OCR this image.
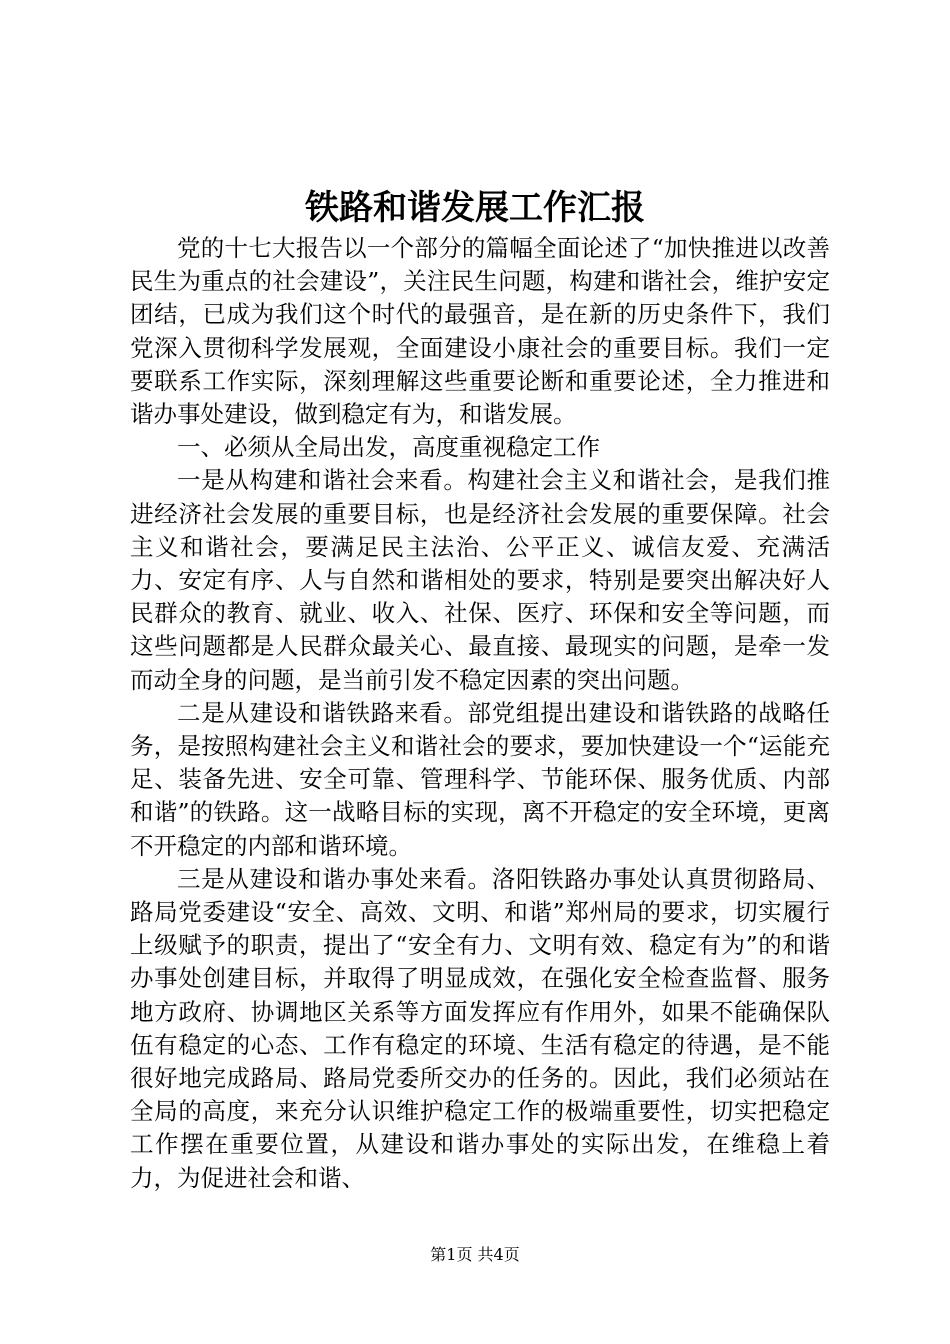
铁路和谐发展工作汇报

党的十七大报告以一个部分的篇幅全面论述了“加快推进以改善民生为重点的社会建设”，关注民生问题，构建和谐社会，维护安定团结，已成为我们这个时代的最强音，是在新的历史条件下，我们党深入贯彻科学发展观，全面建设小康社会的重要目标。我们一定要联系工作实际，深刻理解这些重要论断和重要论述，全力推进和谐办事处建设，做到稳定有为，和谐发展。

一、必须从全局出发，高度重视稳定工作

一是从构建和谐社会来看。构建社会主义和谐社会，是我们推进经济社会发展的重要目标，也是经济社会发展的重要保障。社会主义和谐社会，要满足民主法治、公平正义、诚信友爱、充满活力、安定有序、人与自然和谐相处的要求，特别是要突出解决好人民群众的教育、就业、收入、社保、医疗、环保和安全等问题，而这些问题都是人民群众最关心、最直接、最现实的问题，是牵一发而动全身的问题，是当前引发不稳定因素的突出问题。

二是从建设和谐铁路来看。部党组提出建设和谐铁路的战略任务，是按照构建社会主义和谐社会的要求，要加快建设一个“运能充足、装备先进、安全可靠、管理科学、节能环保、服务优质、内部和谐”的铁路。这一战略目标的实现，离不开稳定的安全环境，更离不开稳定的内部和谐环境。

三是从建设和谐办事处来看。洛阳铁路办事处认真贯彻路局、路局党委建设“安全、高效、文明、和谐”郑州局的要求，切实履行上级赋予的职责，提出了“安全有力、文明有效、稳定有为”的和谐办事处创建目标，并取得了明显成效，在强化安全检查监督、服务地方政府、协调地区关系等方面发挥应有作用外，如果不能确保队伍有稳定的心态、工作有稳定的环境、生活有稳定的待遇，是不能很好地完成路局、路局党委所交办的任务的。因此，我们必须站在全局的高度，来充分认识维护稳定工作的极端重要性，切实把稳定工作摆在重要位置，从建设和谐办事处的实际出发，在维稳上着力，为促进社会和谐、

第1页 共4页
